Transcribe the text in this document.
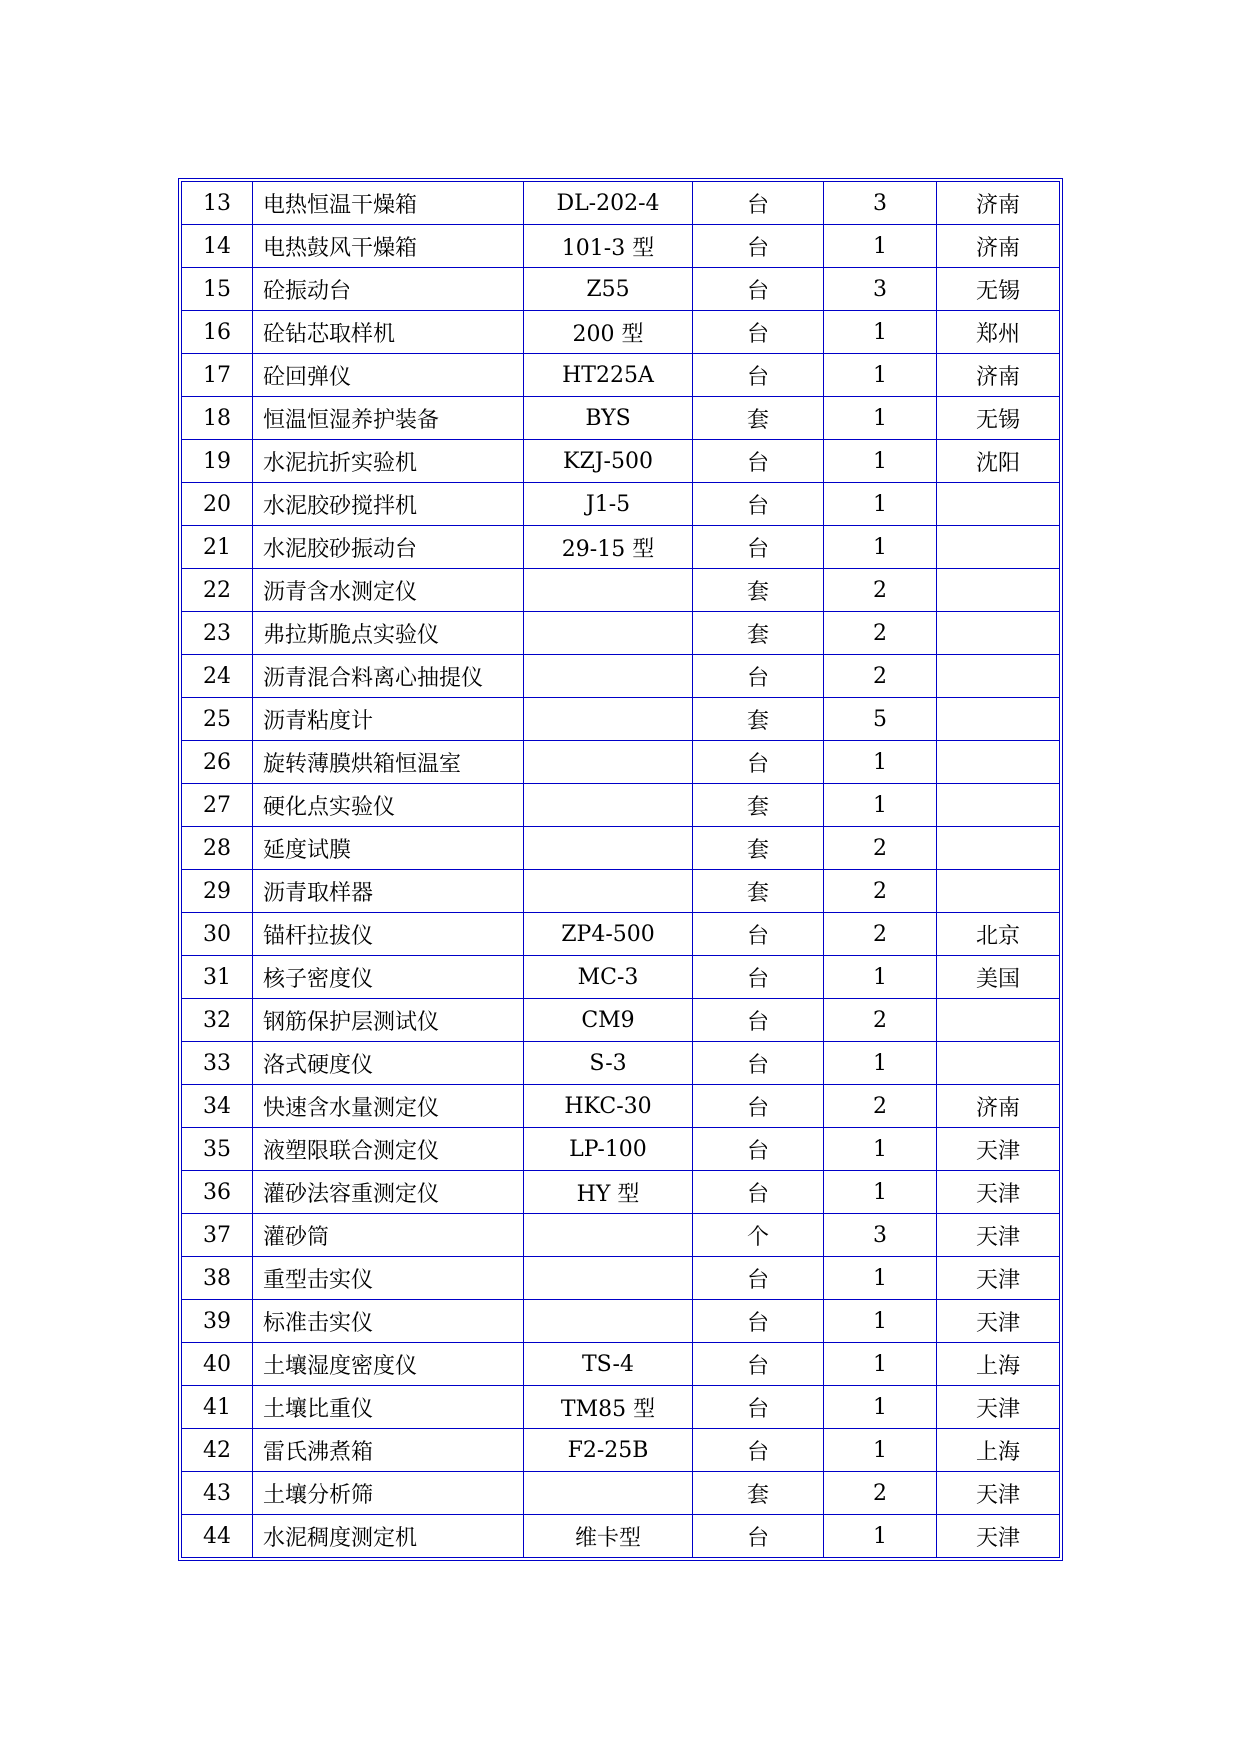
13	电热恒温干燥箱	DL-202-4	台	3	济南
14	电热鼓风干燥箱	101-3 型	台	1	济南
15	砼振动台	Z55	台	3	无锡
16	砼钻芯取样机	200 型	台	1	郑州
17	砼回弹仪	HT225A	台	1	济南
18	恒温恒湿养护装备	BYS	套	1	无锡
19	水泥抗折实验机	KZJ-500	台	1	沈阳
20	水泥胶砂搅拌机	J1-5	台	1	
21	水泥胶砂振动台	29-15 型	台	1	
22	沥青含水测定仪		套	2	
23	弗拉斯脆点实验仪		套	2	
24	沥青混合料离心抽提仪		台	2	
25	沥青粘度计		套	5	
26	旋转薄膜烘箱恒温室		台	1	
27	硬化点实验仪		套	1	
28	延度试膜		套	2	
29	沥青取样器		套	2	
30	锚杆拉拔仪	ZP4-500	台	2	北京
31	核子密度仪	MC-3	台	1	美国
32	钢筋保护层测试仪	CM9	台	2	
33	洛式硬度仪	S-3	台	1	
34	快速含水量测定仪	HKC-30	台	2	济南
35	液塑限联合测定仪	LP-100	台	1	天津
36	灌砂法容重测定仪	HY 型	台	1	天津
37	灌砂筒		个	3	天津
38	重型击实仪		台	1	天津
39	标准击实仪		台	1	天津
40	土壤湿度密度仪	TS-4	台	1	上海
41	土壤比重仪	TM85 型	台	1	天津
42	雷氏沸煮箱	F2-25B	台	1	上海
43	土壤分析筛		套	2	天津
44	水泥稠度测定机	维卡型	台	1	天津
